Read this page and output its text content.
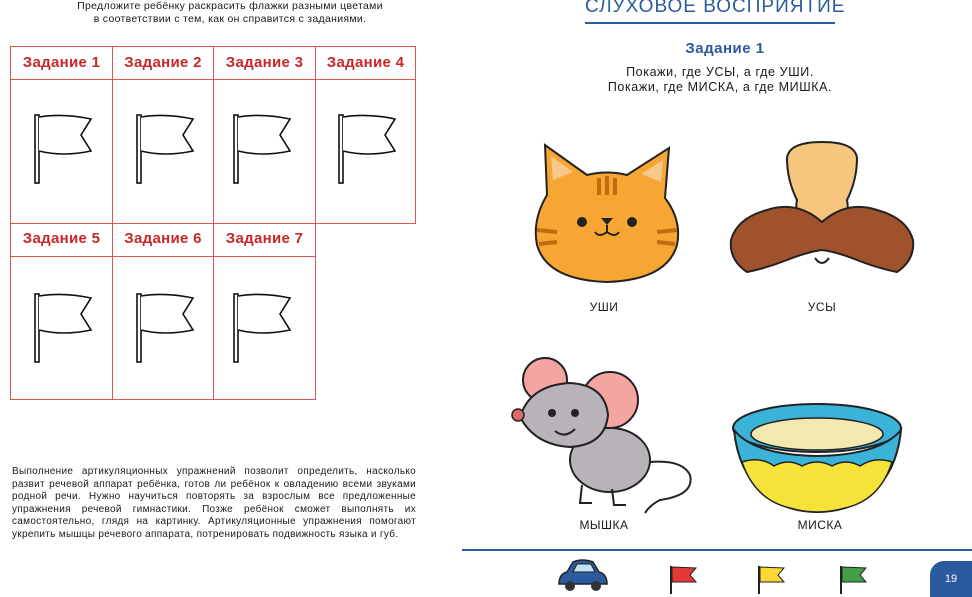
Предложите ребёнку раскрасить флажки разными цветами
в соответствии с тем, как он справится с заданиями.
Задание 1	Задание 2	Задание 3	Задание 4
Задание 5	Задание 6	Задание 7
Выполнение артикуляционных упражнений позволит определить, насколько развит речевой аппарат ребёнка, готов ли ребёнок к овладению всеми звуками родной речи. Нужно научиться повторять за взрослым все предложенные упражнения речевой гимнастики. Позже ребёнок сможет выполнять их самостоятельно, глядя на картинку. Артикуляционные упражнения помогают укрепить мышцы речевого аппарата, потренировать подвижность языка и губ.
СЛУХОВОЕ ВОСПРИЯТИЕ
Задание 1
Покажи, где УСЫ, а где УШИ.
Покажи, где МИСКА, а где МИШКА.
УШИ	УСЫ
МЫШКА	МИСКА
19
